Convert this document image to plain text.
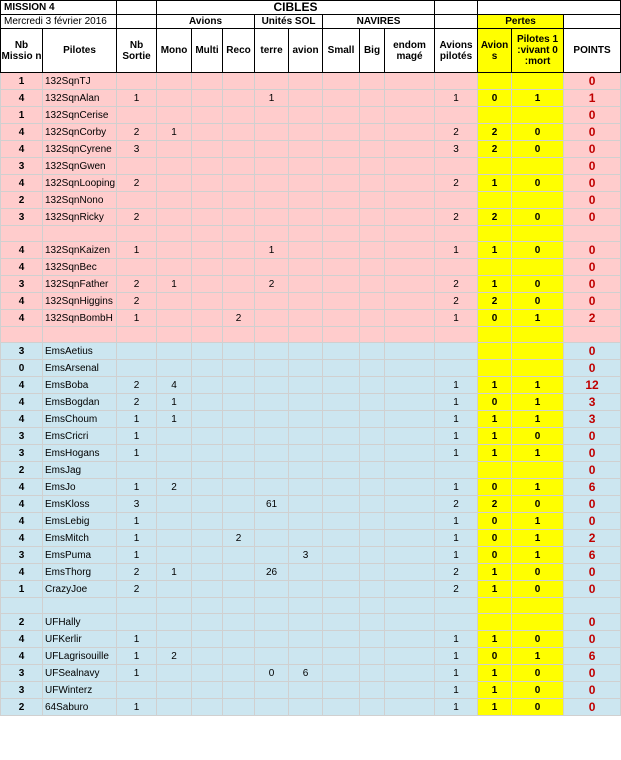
MISSION 4			CIBLES												
Mercredi 3 février 2016			Avions			Unités SOL		NAVIRES				Pertes			
Nb Missio n	Pilotes	Nb Sortie	Mono	Multi	Reco	terre	avion	Small	Big	endom magé	Avions pilotés	Avion s	Pilotes 1 :vivant 0 :mort	POINTS	
1	132SqnTJ													0	
4	132SqnAlan	1				1					1	0	1	1	
1	132SqnCerise													0	
4	132SqnCorby	2	1								2	2	0	0	
4	132SqnCyrene	3									3	2	0	0	
3	132SqnGwen													0	
4	132SqnLooping	2									2	1	0	0	
2	132SqnNono													0	
3	132SqnRicky	2									2	2	0	0	

4	132SqnKaizen	1				1					1	1	0	0	
4	132SqnBec													0	
3	132SqnFather	2	1			2					2	1	0	0	
4	132SqnHiggins	2									2	2	0	0	
4	132SqnBombH	1			2						1	0	1	2	

3	EmsAetius													0	
0	EmsArsenal													0	
4	EmsBoba	2	4								1	1	1	12	
4	EmsBogdan	2	1								1	0	1	3	
4	EmsChoum	1	1								1	1	1	3	
3	EmsCricri	1									1	1	0	0	
3	EmsHogans	1									1	1	1	0	
2	EmsJag													0	
4	EmsJo	1	2								1	0	1	6	
4	EmsKloss	3				61					2	2	0	0	
4	EmsLebig	1									1	0	1	0	
4	EmsMitch	1			2						1	0	1	2	
3	EmsPuma	1					3				1	0	1	6	
4	EmsThorg	2	1			26					2	1	0	0	
1	CrazyJoe	2									2	1	0	0	

2	UFHally													0	
4	UFKerlir	1									1	1	0	0	
4	UFLagrisouille	1	2								1	0	1	6	
3	UFSealnavy	1				0	6				1	1	0	0	
3	UFWinterz										1	1	0	0	
2	64Saburo	1									1	1	0	0	
